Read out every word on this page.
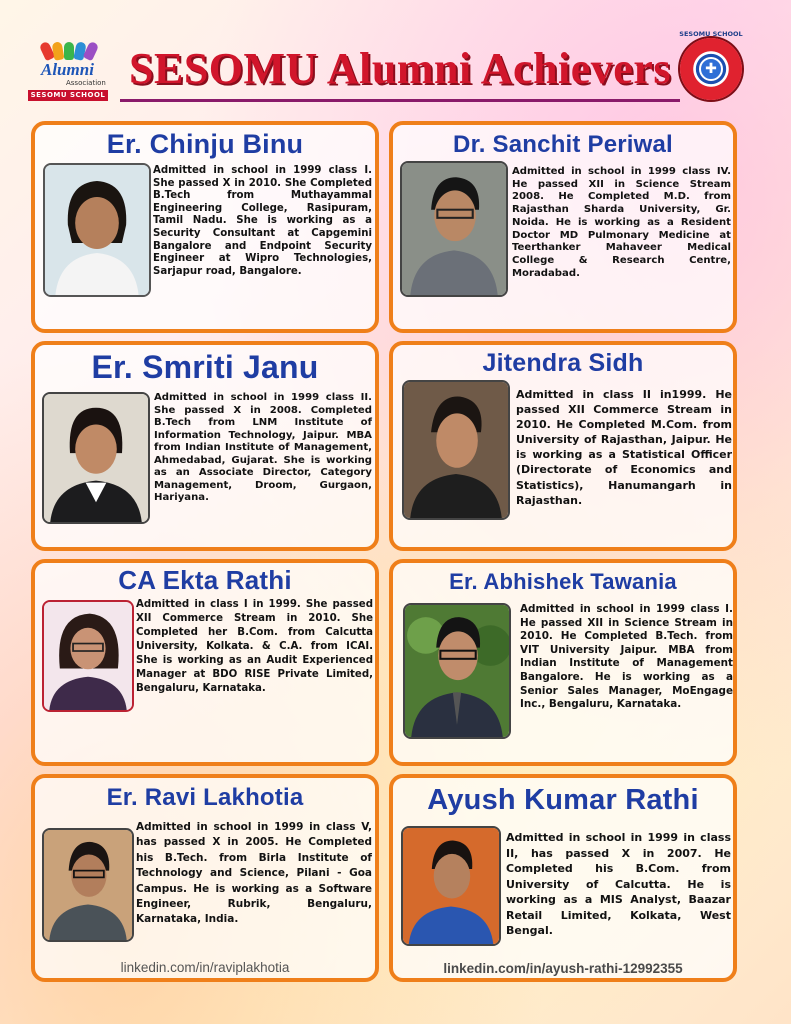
Alumni
Association
SESOMU SCHOOL
SESOMU Alumni Achievers	✚
SESOMU SCHOOL
Er. Chinju Binu

Admitted in school in 1999 class I. She passed X in 2010. She Completed B.Tech from Muthayammal Engineering College, Rasipuram, Tamil Nadu. She is working as a Security Consultant at Capgemini Bangalore and Endpoint Security Engineer at Wipro Technologies, Sarjapur road, Bangalore.

Dr. Sanchit Periwal

Admitted in school in 1999 class IV. He passed XII in Science Stream 2008. He Completed M.D. from Rajasthan Sharda University, Gr. Noida. He is working as a Resident Doctor MD Pulmonary Medicine at Teerthanker Mahaveer Medical College & Research Centre, Moradabad.

Er. Smriti Janu

Admitted in school in 1999 class II. She passed X in 2008. Completed B.Tech from LNM Institute of Information Technology, Jaipur. MBA from Indian Institute of Management, Ahmedabad, Gujarat. She is working as an Associate Director, Category Management, Droom, Gurgaon, Hariyana.

Jitendra Sidh

Admitted in class II in1999. He passed XII Commerce Stream in 2010. He Completed M.Com. from University of Rajasthan, Jaipur. He is working as a Statistical Officer (Directorate of Economics and Statistics), Hanumangarh in Rajasthan.

CA Ekta Rathi

Admitted in class I in 1999. She passed XII Commerce Stream in 2010. She Completed her B.Com. from Calcutta University, Kolkata. & C.A. from ICAI. She is working as an Audit Experienced Manager at BDO RISE Private Limited, Bengaluru, Karnataka.

Er. Abhishek Tawania

Admitted in school in 1999 class I. He passed XII in Science Stream in 2010. He Completed B.Tech. from VIT University Jaipur. MBA from Indian Institute of Management Bangalore. He is working as a Senior Sales Manager, MoEngage Inc., Bengaluru, Karnataka.

Er. Ravi Lakhotia

Admitted in school in 1999 in class V, has passed X in 2005. He Completed his B.Tech. from Birla Institute of Technology and Science, Pilani - Goa Campus. He is working as a Software Engineer, Rubrik, Bengaluru, Karnataka, India.

linkedin.com/in/raviplakhotia
Ayush Kumar Rathi

Admitted in school in 1999 in class II, has passed X in 2007. He Completed his B.Com. from University of Calcutta. He is working as a MIS Analyst, Baazar Retail Limited, Kolkata, West Bengal.

linkedin.com/in/ayush-rathi-12992355
